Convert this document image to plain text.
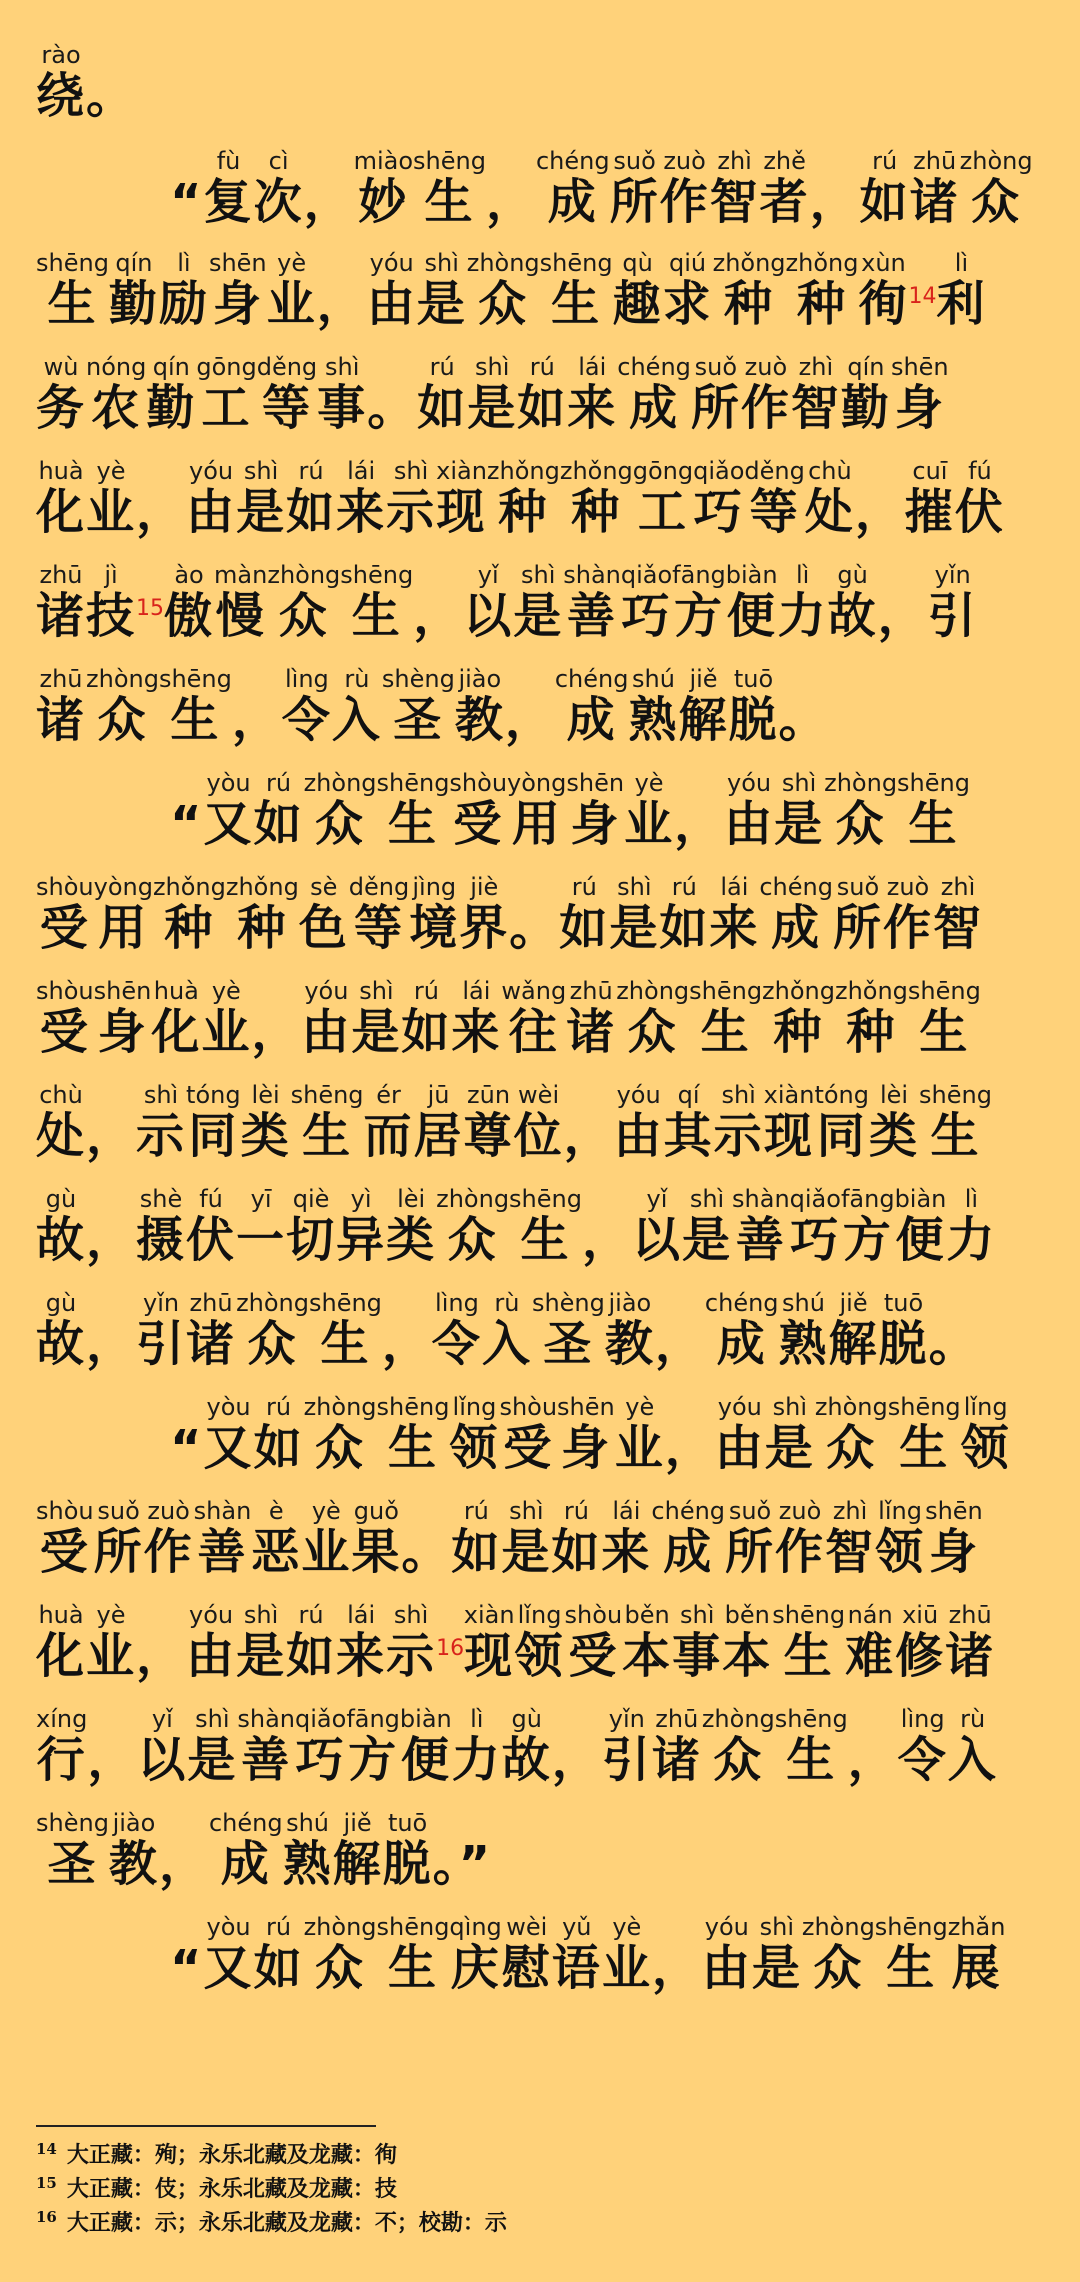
绕rào。

“复fù次cì，妙miào生shēng，成chéng所suǒ作zuò智zhì者zhě，如rú诸zhū众zhòng

生shēng勤qín励lì身shēn业yè，由yóu是shì众zhòng生shēng趣qù求qiú种zhǒng种zhǒng徇xùn$^{14}$利lì

务wù农nóng勤qín工gōng等děng事shì。如rú是shì如rú来lái成chéng所suǒ作zuò智zhì勤qín身shēn

化huà业yè，由yóu是shì如rú来lái示shì现xiàn种zhǒng种zhǒng工gōng巧qiǎo等děng处chù，摧cuī伏fú

诸zhū技jì$^{15}$傲ào慢màn众zhòng生shēng，以yǐ是shì善shàn巧qiǎo方fāng便biàn力lì故gù，引yǐn

诸zhū众zhòng生shēng，令lìng入rù圣shèng教jiào，成chéng熟shú解jiě脱tuō。

“又yòu如rú众zhòng生shēng受shòu用yòng身shēn业yè，由yóu是shì众zhòng生shēng

受shòu用yòng种zhǒng种zhǒng色sè等děng境jìng界jiè。如rú是shì如rú来lái成chéng所suǒ作zuò智zhì

受shòu身shēn化huà业yè，由yóu是shì如rú来lái往wǎng诸zhū众zhòng生shēng种zhǒng种zhǒng生shēng

处chù，示shì同tóng类lèi生shēng而ér居jū尊zūn位wèi，由yóu其qí示shì现xiàn同tóng类lèi生shēng

故gù，摄shè伏fú一yī切qiè异yì类lèi众zhòng生shēng，以yǐ是shì善shàn巧qiǎo方fāng便biàn力lì

故gù，引yǐn诸zhū众zhòng生shēng，令lìng入rù圣shèng教jiào，成chéng熟shú解jiě脱tuō。

“又yòu如rú众zhòng生shēng领lǐng受shòu身shēn业yè，由yóu是shì众zhòng生shēng领lǐng

受shòu所suǒ作zuò善shàn恶è业yè果guǒ。如rú是shì如rú来lái成chéng所suǒ作zuò智zhì领lǐng身shēn

化huà业yè，由yóu是shì如rú来lái示shì$^{16}$现xiàn领lǐng受shòu本běn事shì本běn生shēng难nán修xiū诸zhū

行xíng，以yǐ是shì善shàn巧qiǎo方fāng便biàn力lì故gù，引yǐn诸zhū众zhòng生shēng，令lìng入rù

圣shèng教jiào，成chéng熟shú解jiě脱tuō。”

“又yòu如rú众zhòng生shēng庆qìng慰wèi语yǔ业yè，由yóu是shì众zhòng生shēng展zhǎn

$^{14}$ 大正藏：殉；永乐北藏及龙藏：徇
$^{15}$ 大正藏：伎；永乐北藏及龙藏：技
$^{16}$ 大正藏：示；永乐北藏及龙藏：不；校勘：示
